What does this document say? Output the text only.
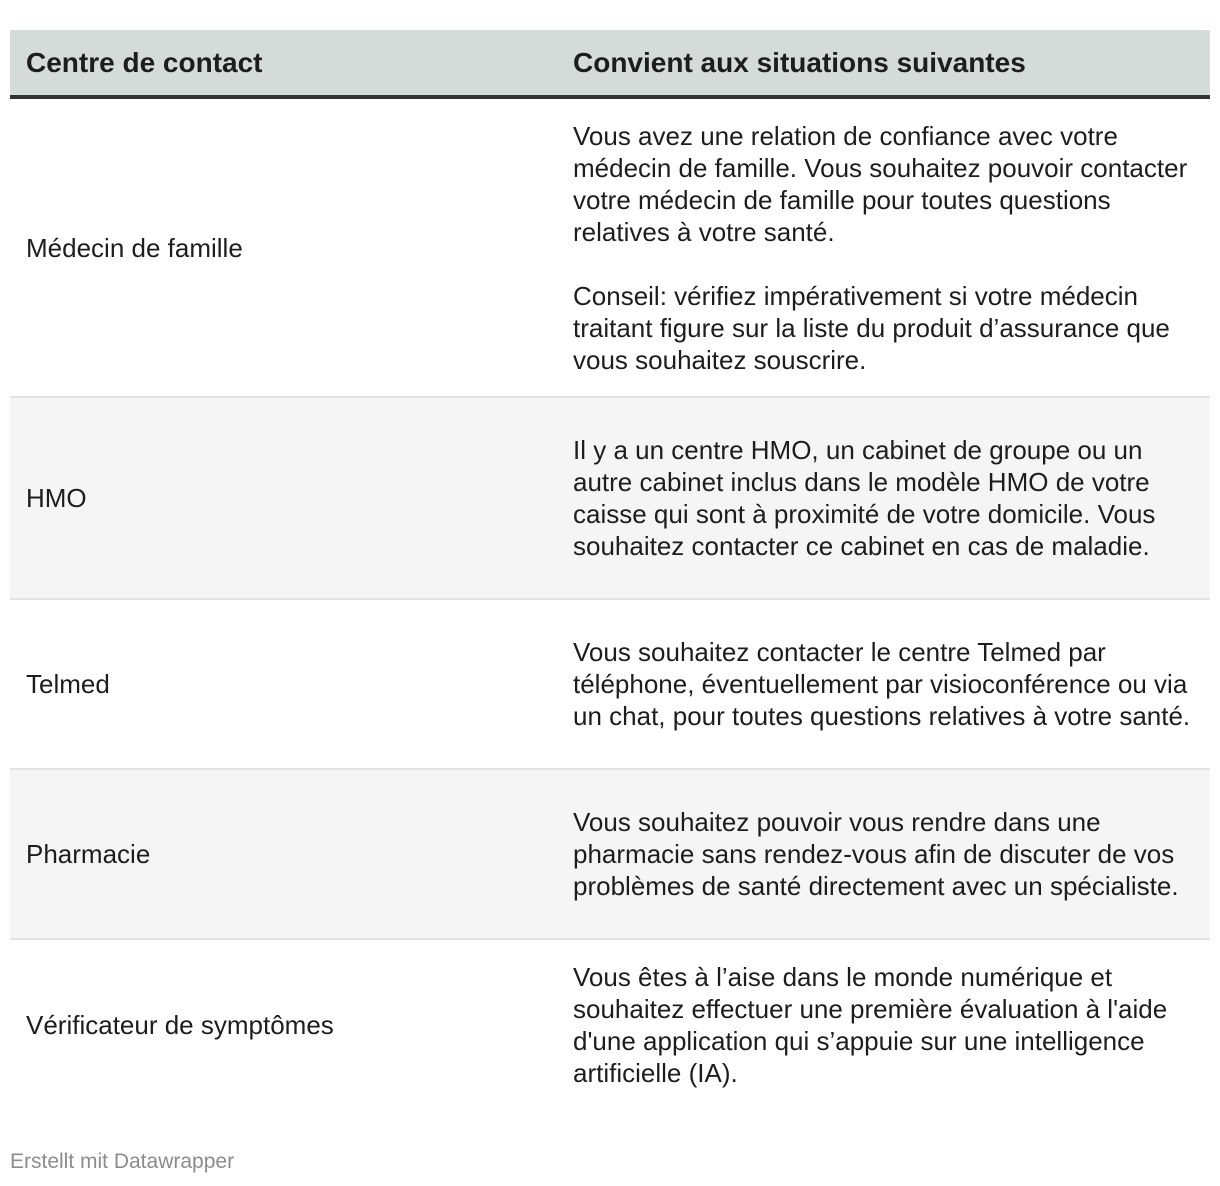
Centre de contact	Convient aux situations suivantes
Médecin de famille	Vous avez une relation de confiance avec votre médecin de famille. Vous souhaitez pouvoir contacter votre médecin de famille pour toutes questions relatives à votre santé.
Conseil: vérifiez impérativement si votre médecin traitant figure sur la liste du produit d’assurance que vous souhaitez souscrire.

HMO	Il y a un centre HMO, un cabinet de groupe ou un autre cabinet inclus dans le modèle HMO de votre caisse qui sont à proximité de votre domicile. Vous souhaitez contacter ce cabinet en cas de maladie.

Telmed	Vous souhaitez contacter le centre Telmed par téléphone, éventuellement par visioconférence ou via un chat, pour toutes questions relatives à votre santé.

Pharmacie	Vous souhaitez pouvoir vous rendre dans une pharmacie sans rendez-vous afin de discuter de vos problèmes de santé directement avec un spécialiste.

Vérificateur de symptômes	Vous êtes à l’aise dans le monde numérique et souhaitez effectuer une première évaluation à l'aide d'une application qui s’appuie sur une intelligence artificielle (IA).
Erstellt mit Datawrapper
